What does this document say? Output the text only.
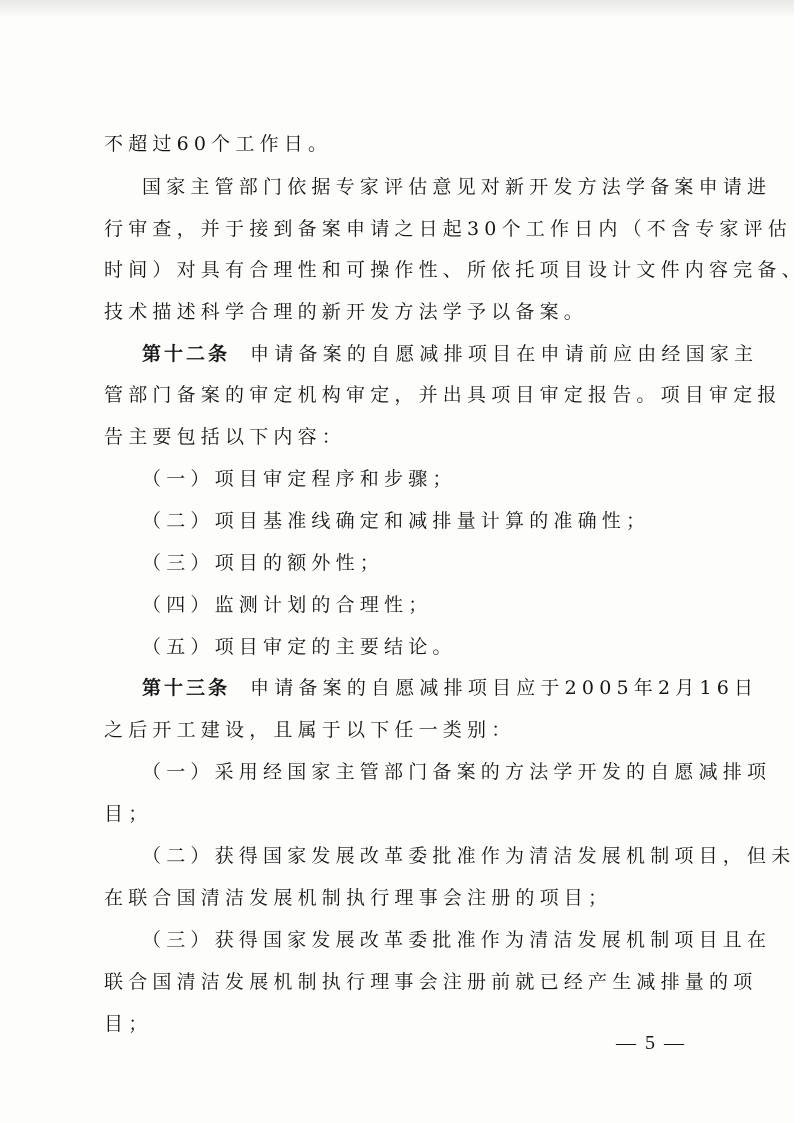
不超过60个工作日。
国家主管部门依据专家评估意见对新开发方法学备案申请进
行审查，并于接到备案申请之日起30个工作日内（不含专家评估
时间）对具有合理性和可操作性、所依托项目设计文件内容完备、
技术描述科学合理的新开发方法学予以备案。
第十二条 申请备案的自愿减排项目在申请前应由经国家主
管部门备案的审定机构审定，并出具项目审定报告。项目审定报
告主要包括以下内容：
（一）项目审定程序和步骤；
（二）项目基准线确定和减排量计算的准确性；
（三）项目的额外性；
（四）监测计划的合理性；
（五）项目审定的主要结论。
第十三条 申请备案的自愿减排项目应于2005年2月16日
之后开工建设，且属于以下任一类别：
（一）采用经国家主管部门备案的方法学开发的自愿减排项
目；
（二）获得国家发展改革委批准作为清洁发展机制项目，但未
在联合国清洁发展机制执行理事会注册的项目；
（三）获得国家发展改革委批准作为清洁发展机制项目且在
联合国清洁发展机制执行理事会注册前就已经产生减排量的项
目；
— 5 —
